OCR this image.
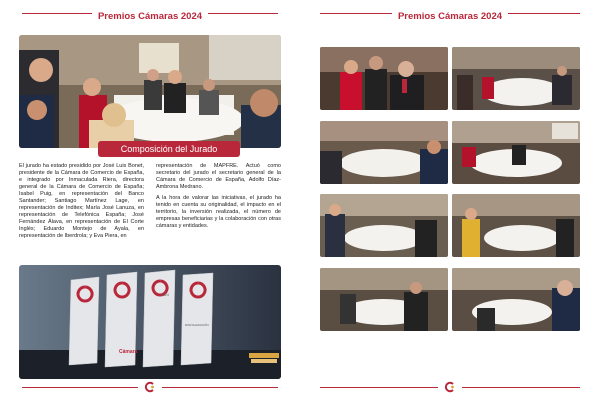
Premios Cámaras 2024
Composición del Jurado

El jurado ha estado presidido por José Luis Bonet, presidente de la Cámara de Comercio de España, e integrado por Inmaculada Riera, directora general de la Cámara de Comercio de España; Isabel Puig, en representación del Banco Santander; Santiago Martínez Lage, en representación de Inditex; María José Lanuza, en representación de Telefónica España; José Fernández Álava, en representación de El Corte Inglés; Eduardo Montejo de Ayala, en representación de Iberdrola; y Eva Piera, en

representación de MAPFRE. Actuó como secretario del jurado el secretario general de la Cámara de Comercio de España, Adolfo Díaz-Ambrona Medrano.

A la hora de valorar las iniciativas, el jurado ha tenido en cuenta su originalidad, el impacto en el territorio, la inversión realizada, el número de empresas beneficiarias y la colaboración con otras cámaras y entidades.

2024
DIGITALIZACIÓN
Cámara
Premios Cámaras 2024
